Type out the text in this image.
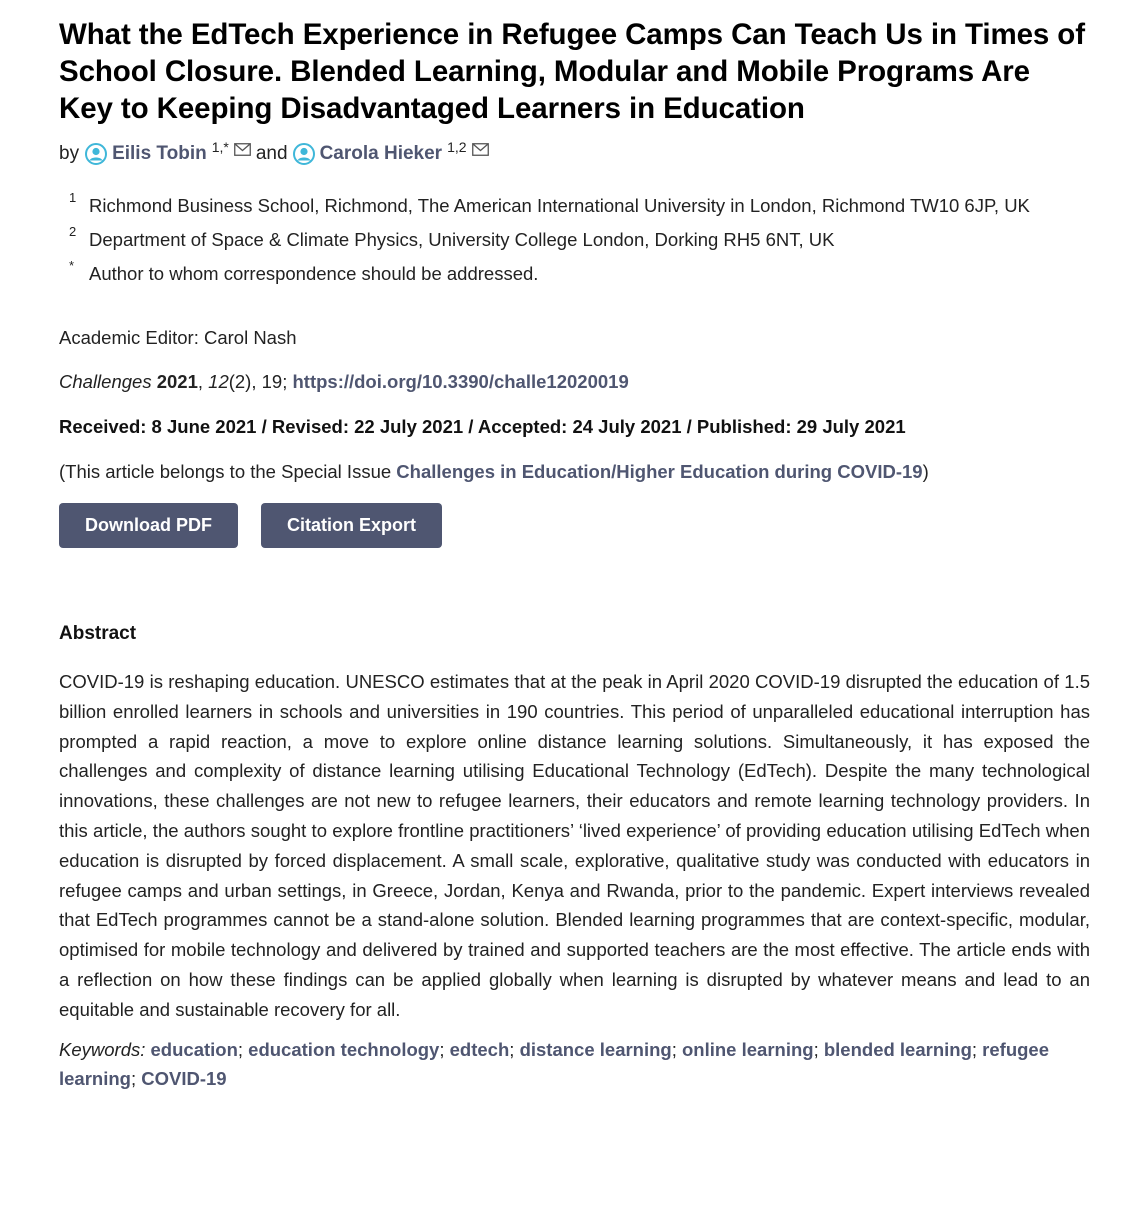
What the EdTech Experience in Refugee Camps Can Teach Us in Times of School Closure. Blended Learning, Modular and Mobile Programs Are Key to Keeping Disadvantaged Learners in Education
by Eilis Tobin 1,* and Carola Hieker 1,2
1 Richmond Business School, Richmond, The American International University in London, Richmond TW10 6JP, UK
2 Department of Space & Climate Physics, University College London, Dorking RH5 6NT, UK
* Author to whom correspondence should be addressed.
Academic Editor: Carol Nash
Challenges 2021, 12(2), 19; https://doi.org/10.3390/challe12020019
Received: 8 June 2021 / Revised: 22 July 2021 / Accepted: 24 July 2021 / Published: 29 July 2021
(This article belongs to the Special Issue Challenges in Education/Higher Education during COVID-19)
Download PDF	Citation Export
Abstract
COVID-19 is reshaping education. UNESCO estimates that at the peak in April 2020 COVID-19 disrupted the education of 1.5 billion enrolled learners in schools and universities in 190 countries. This period of unparalleled educational interruption has prompted a rapid reaction, a move to explore online distance learning solutions. Simultaneously, it has exposed the challenges and complexity of distance learning utilising Educational Technology (EdTech). Despite the many technological innovations, these challenges are not new to refugee learners, their educators and remote learning technology providers. In this article, the authors sought to explore frontline practitioners’ ‘lived experience’ of providing education utilising EdTech when education is disrupted by forced displacement. A small scale, explorative, qualitative study was conducted with educators in refugee camps and urban settings, in Greece, Jordan, Kenya and Rwanda, prior to the pandemic. Expert interviews revealed that EdTech programmes cannot be a stand-alone solution. Blended learning programmes that are context-specific, modular, optimised for mobile technology and delivered by trained and supported teachers are the most effective. The article ends with a reflection on how these findings can be applied globally when learning is disrupted by whatever means and lead to an equitable and sustainable recovery for all.
Keywords: education; education technology; edtech; distance learning; online learning; blended learning; refugee learning; COVID-19
